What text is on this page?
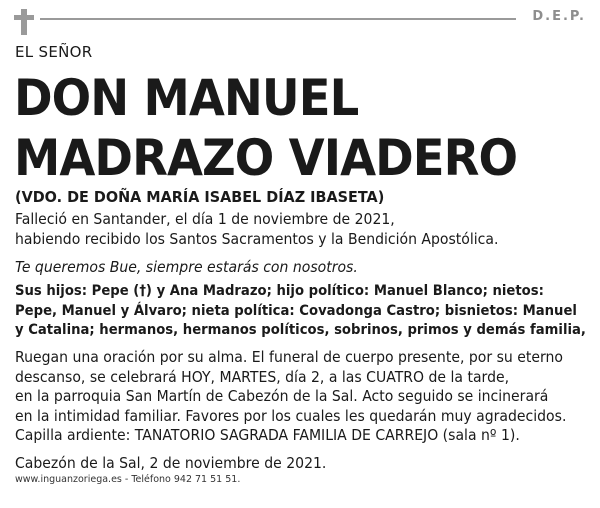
D.E.P.
EL SEÑOR
DON MANUEL
MADRAZO VIADERO
(VDO. DE DOÑA MARÍA ISABEL DÍAZ IBASETA)
Falleció en Santander, el día 1 de noviembre de 2021,
habiendo recibido los Santos Sacramentos y la Bendición Apostólica.
Te queremos Bue, siempre estarás con nosotros.
Sus hijos: Pepe (†) y Ana Madrazo; hijo político: Manuel Blanco; nietos:
Pepe, Manuel y Álvaro; nieta política: Covadonga Castro; bisnietos: Manuel
y Catalina; hermanos, hermanos políticos, sobrinos, primos y demás familia,
Ruegan una oración por su alma. El funeral de cuerpo presente, por su eterno
descanso, se celebrará HOY, MARTES, día 2, a las CUATRO de la tarde,
en la parroquia San Martín de Cabezón de la Sal. Acto seguido se incinerará
en la intimidad familiar. Favores por los cuales les quedarán muy agradecidos.
Capilla ardiente: TANATORIO SAGRADA FAMILIA DE CARREJO (sala nº 1).
Cabezón de la Sal, 2 de noviembre de 2021.
www.inguanzoriega.es - Teléfono 942 71 51 51.
